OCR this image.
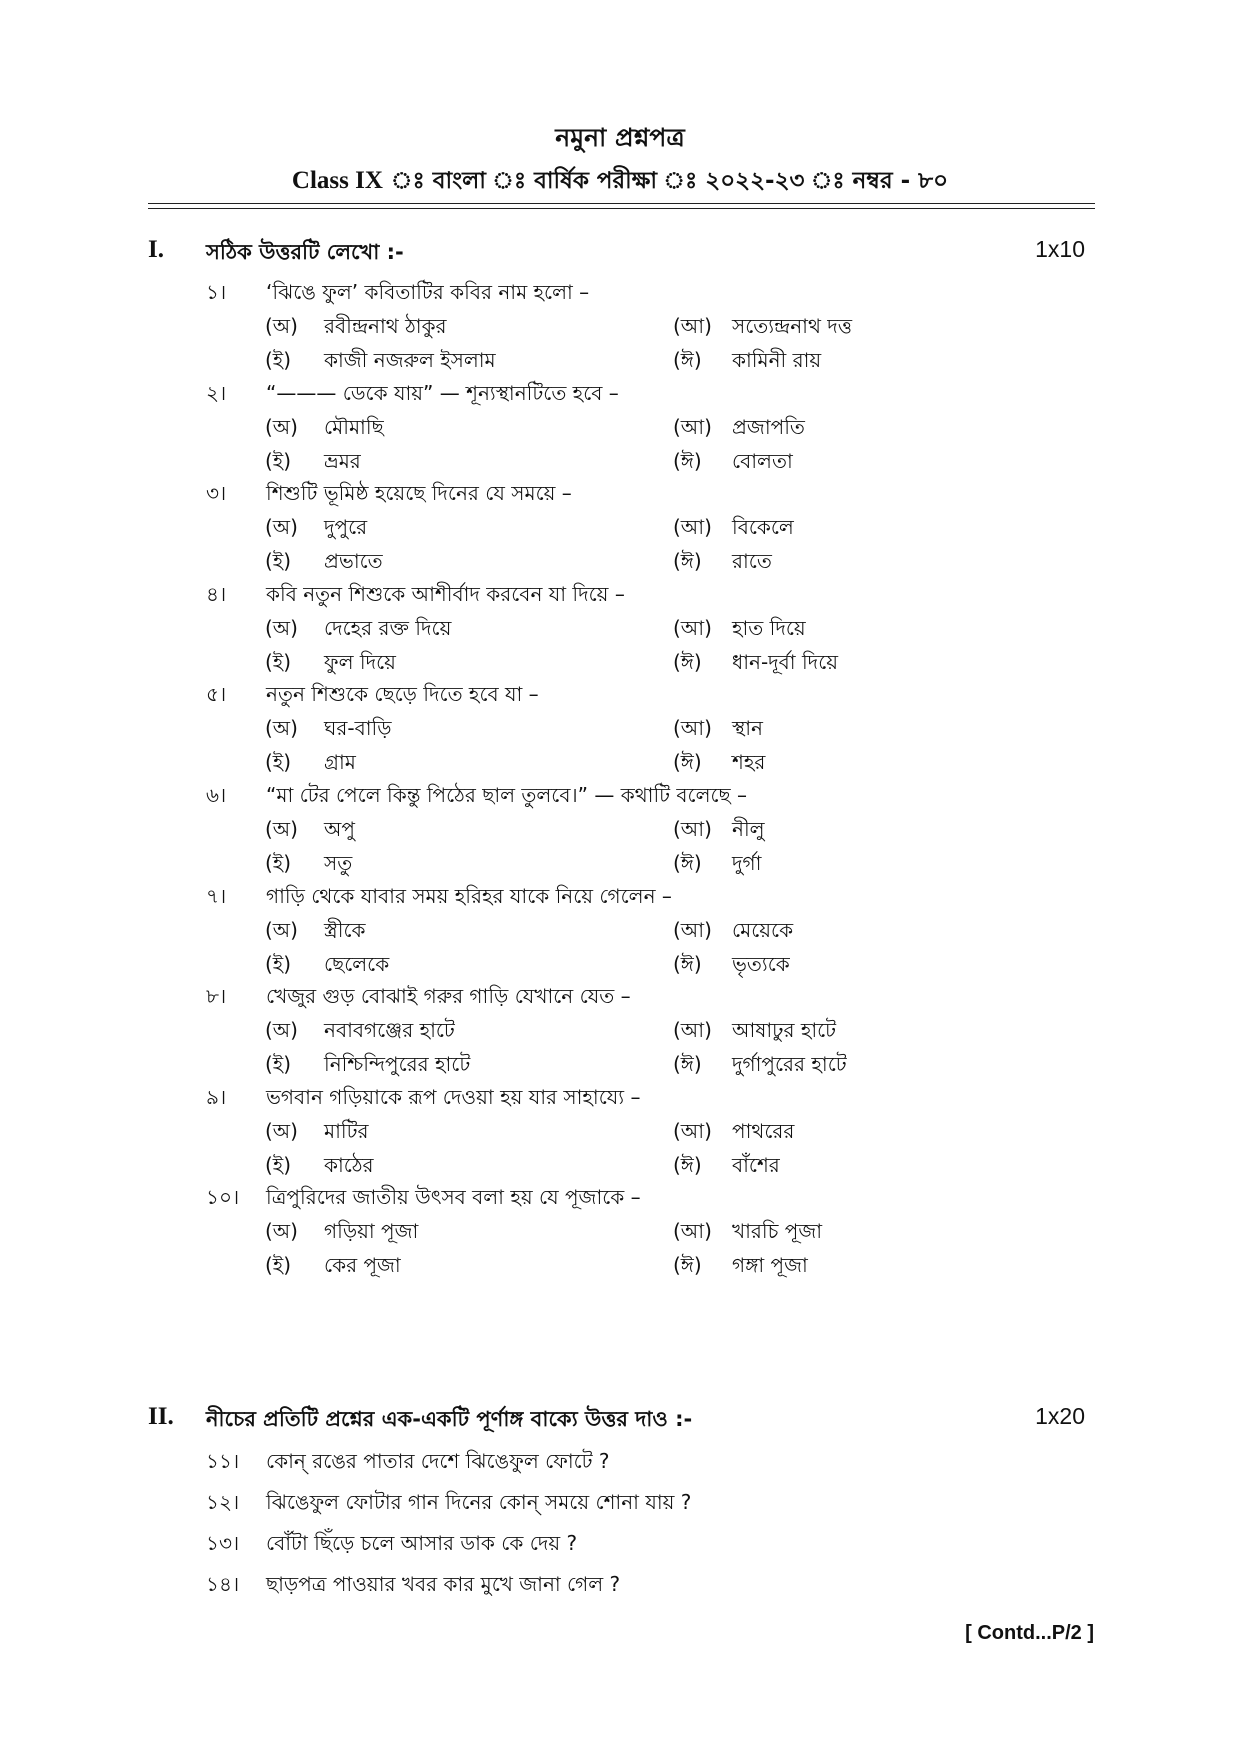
নমুনা প্রশ্নপত্র
Class IX ঃ বাংলা ঃ বার্ষিক পরীক্ষা ঃ ২০২২-২৩ ঃ নম্বর - ৮০
I. সঠিক উত্তরটি লেখো :-	1x10
১। ‘ঝিঙে ফুল’ কবিতাটির কবির নাম হলো –
(অ) রবীন্দ্রনাথ ঠাকুর	(আ) সত্যেন্দ্রনাথ দত্ত
(ই) কাজী নজরুল ইসলাম	(ঈ) কামিনী রায়
২। “——— ডেকে যায়” — শূন্যস্থানটিতে হবে –
(অ) মৌমাছি	(আ) প্রজাপতি
(ই) ভ্রমর	(ঈ) বোলতা
৩। শিশুটি ভূমিষ্ঠ হয়েছে দিনের যে সময়ে –
(অ) দুপুরে	(আ) বিকেলে
(ই) প্রভাতে	(ঈ) রাতে
৪। কবি নতুন শিশুকে আশীর্বাদ করবেন যা দিয়ে –
(অ) দেহের রক্ত দিয়ে	(আ) হাত দিয়ে
(ই) ফুল দিয়ে	(ঈ) ধান-দূর্বা দিয়ে
৫। নতুন শিশুকে ছেড়ে দিতে হবে যা –
(অ) ঘর-বাড়ি	(আ) স্থান
(ই) গ্রাম	(ঈ) শহর
৬। “মা টের পেলে কিন্তু পিঠের ছাল তুলবে।” — কথাটি বলেছে –
(অ) অপু	(আ) নীলু
(ই) সতু	(ঈ) দুর্গা
৭। গাড়ি থেকে যাবার সময় হরিহর যাকে নিয়ে গেলেন –
(অ) স্ত্রীকে	(আ) মেয়েকে
(ই) ছেলেকে	(ঈ) ভৃত্যকে
৮। খেজুর গুড় বোঝাই গরুর গাড়ি যেখানে যেত –
(অ) নবাবগঞ্জের হাটে	(আ) আষাঢুর হাটে
(ই) নিশ্চিন্দিপুরের হাটে	(ঈ) দুর্গাপুরের হাটে
৯। ভগবান গড়িয়াকে রূপ দেওয়া হয় যার সাহায্যে –
(অ) মাটির	(আ) পাথরের
(ই) কাঠের	(ঈ) বাঁশের
১০। ত্রিপুরিদের জাতীয় উৎসব বলা হয় যে পূজাকে –
(অ) গড়িয়া পূজা	(আ) খারচি পূজা
(ই) কের পূজা	(ঈ) গঙ্গা পূজা
II. নীচের প্রতিটি প্রশ্নের এক-একটি পূর্ণাঙ্গ বাক্যে উত্তর দাও :-	1x20
১১। কোন্ রঙের পাতার দেশে ঝিঙেফুল ফোটে ?
১২। ঝিঙেফুল ফোটার গান দিনের কোন্ সময়ে শোনা যায় ?
১৩। বোঁটা ছিঁড়ে চলে আসার ডাক কে দেয় ?
১৪। ছাড়পত্র পাওয়ার খবর কার মুখে জানা গেল ?
[ Contd...P/2 ]
